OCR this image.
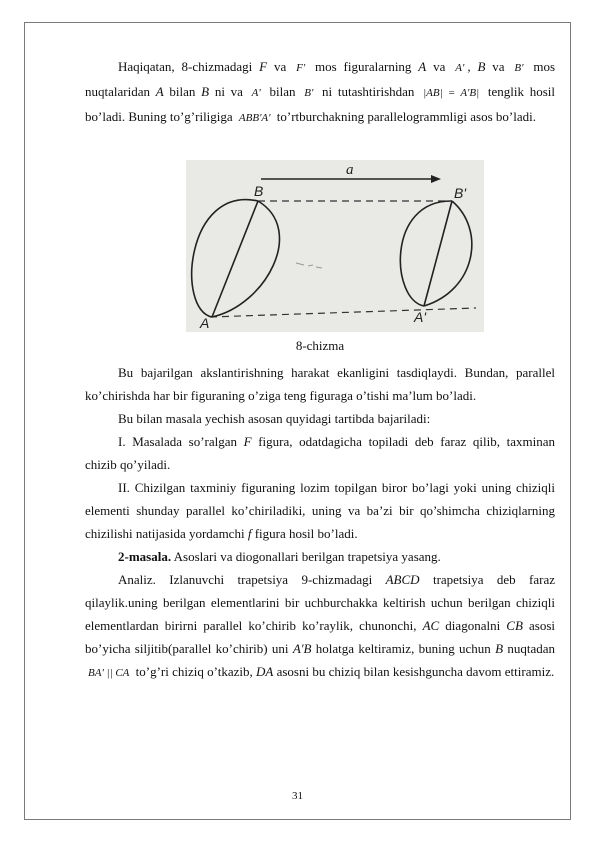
Haqiqatan, 8-chizmadagi F va F' mos figuralarning A va A' , B va B' mos nuqtalaridan A bilan B ni va A' bilan B' ni tutashtirishdan |AB| = A'B| tenglik hosil bo’ladi. Buning to’g’riligiga ABB'A' to’rtburchakning parallelogrammligi asos bo’ladi.

a
B	B'
A	A'
8-chizma

Bu bajarilgan akslantirishning harakat ekanligini tasdiqlaydi. Bundan, parallel ko’chirishda har bir figuraning o’ziga teng figuraga o’tishi ma’lum bo’ladi.

Bu bilan masala yechish asosan quyidagi tartibda bajariladi:

I. Masalada so’ralgan F figura, odatdagicha topiladi deb faraz qilib, taxminan chizib qo’yiladi.

II. Chizilgan taxminiy figuraning lozim topilgan biror bo’lagi yoki uning chiziqli elementi shunday parallel ko’chiriladiki, uning va ba’zi bir qo’shimcha chiziqlarning chizilishi natijasida yordamchi f figura hosil bo’ladi.

2-masala. Asoslari va diogonallari berilgan trapetsiya yasang.

Analiz. Izlanuvchi trapetsiya 9-chizmadagi ABCD trapetsiya deb faraz qilaylik.uning berilgan elementlarini bir uchburchakka keltirish uchun berilgan chiziqli elementlardan birirni parallel ko’chirib ko’raylik, chunonchi, AC diagonalni CB asosi bo’yicha siljitib(parallel ko’chirib) uni A'B holatga keltiramiz, buning uchun B nuqtadan BA' || CA to’g’ri chiziq o’tkazib, DA asosni bu chiziq bilan kesishguncha davom ettiramiz.

31
